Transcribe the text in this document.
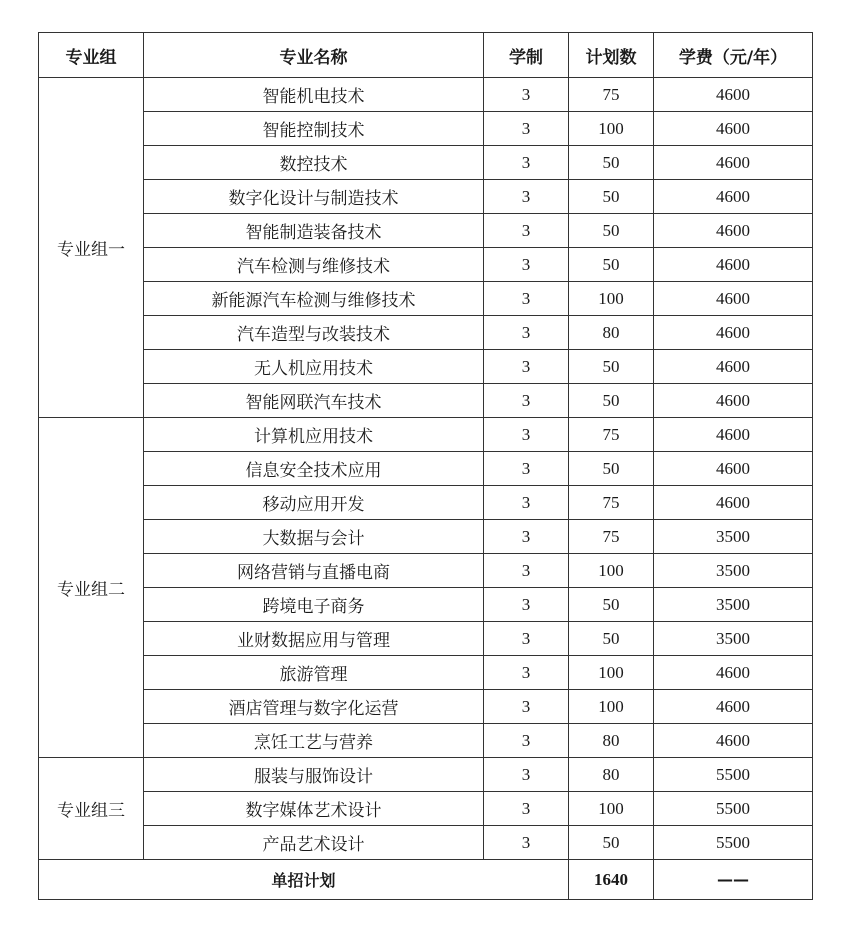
专业组	专业名称	学制	计划数	学费（元/年）
专业组一	智能机电技术	3	75	4600
	智能控制技术	3	100	4600
	数控技术	3	50	4600
	数字化设计与制造技术	3	50	4600
	智能制造装备技术	3	50	4600
	汽车检测与维修技术	3	50	4600
	新能源汽车检测与维修技术	3	100	4600
	汽车造型与改装技术	3	80	4600
	无人机应用技术	3	50	4600
	智能网联汽车技术	3	50	4600
专业组二	计算机应用技术	3	75	4600
	信息安全技术应用	3	50	4600
	移动应用开发	3	75	4600
	大数据与会计	3	75	3500
	网络营销与直播电商	3	100	3500
	跨境电子商务	3	50	3500
	业财数据应用与管理	3	50	3500
	旅游管理	3	100	4600
	酒店管理与数字化运营	3	100	4600
	烹饪工艺与营养	3	80	4600
专业组三	服装与服饰设计	3	80	5500
	数字媒体艺术设计	3	100	5500
	产品艺术设计	3	50	5500
单招计划			1640	——
